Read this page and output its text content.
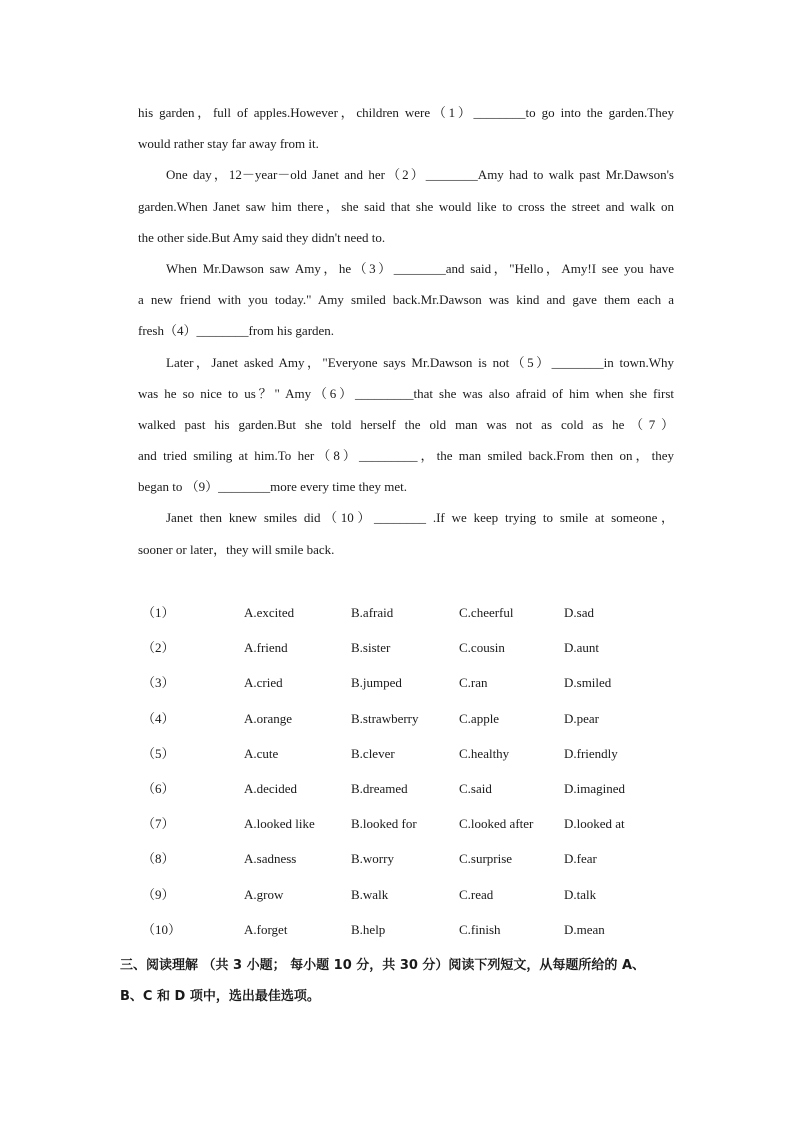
his garden，full of apples.However，children were（1）________to go into the garden.They
would rather stay far away from it.
One day，12－year－old Janet and her（2）________Amy had to walk past Mr.Dawson's
garden.When Janet saw him there，she said that she would like to cross the street and walk on
the other side.But Amy said they didn't need to.
When Mr.Dawson saw Amy，he（3）________and said，"Hello，Amy!I see you have
a new friend with you today." Amy smiled back.Mr.Dawson was kind and gave them each a
fresh（4）________from his garden.
Later，Janet asked Amy，"Everyone says Mr.Dawson is not（5）________in town.Why
was he so nice to us？" Amy（6）_________that she was also afraid of him when she first
walked past his garden.But she told herself the old man was not as cold as he（7）
and tried smiling at him.To her（8）_________，the man smiled back.From then on，they
began to （9）________more every time they met.
Janet then knew smiles did（10）________ .If we keep trying to smile at someone，
sooner or later，they will smile back.
（1）	A.excited	B.afraid	C.cheerful	D.sad
（2）	A.friend	B.sister	C.cousin	D.aunt
（3）	A.cried	B.jumped	C.ran	D.smiled
（4）	A.orange	B.strawberry	C.apple	D.pear
（5）	A.cute	B.clever	C.healthy	D.friendly
（6）	A.decided	B.dreamed	C.said	D.imagined
（7）	A.looked like	B.looked for	C.looked after D.looked at
（8）	A.sadness	B.worry	C.surprise	D.fear
（9）	A.grow	B.walk	C.read	D.talk
（10）	A.forget	B.help	C.finish	D.mean
三、阅读理解 （共 3 小题； 每小题 10 分，共 30 分）阅读下列短文，从每题所给的 A、
B、C 和 D 项中，选出最佳选项。
